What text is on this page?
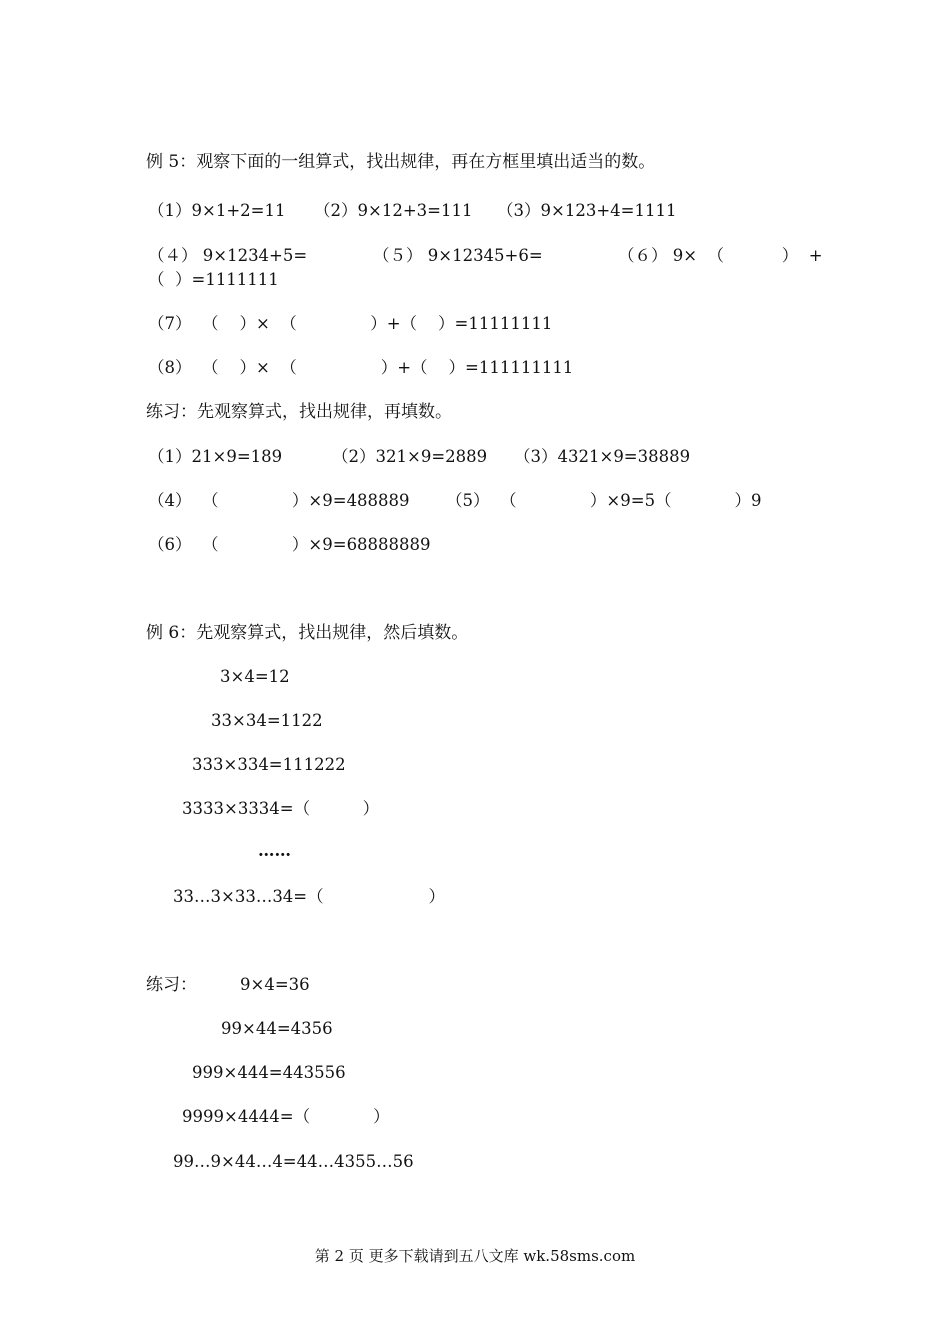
例 5：观察下面的一组算式，找出规律，再在方框里填出适当的数。
（1）9×1+2=11 （2）9×12+3=111 （3）9×123+4=1111
（４） 9×1234+5=	（５） 9×12345+6=	（６） 9×  （           ）  +
（  ）=1111111
（7）  （    ）×  （              ）+（    ）=11111111
（8）  （    ）×  （                ）+（    ）=111111111
练习：先观察算式，找出规律，再填数。
（1）21×9=189	（2）321×9=2889 （3）4321×9=38889
（4）  （              ）×9=488889 （5）  （              ）×9=5（            ）9
（6）  （              ）×9=68888889
例 6：先观察算式，找出规律，然后填数。
3×4=12
33×34=1122
333×334=111222
3333×3334=（          ）
……
33…3×33…34=（                    ）
练习：	9×4=36
99×44=4356
999×444=443556
9999×4444=（            ）
99…9×44…4=44…4355…56
第 2 页 更多下载请到五八文库 wk.58sms.com
